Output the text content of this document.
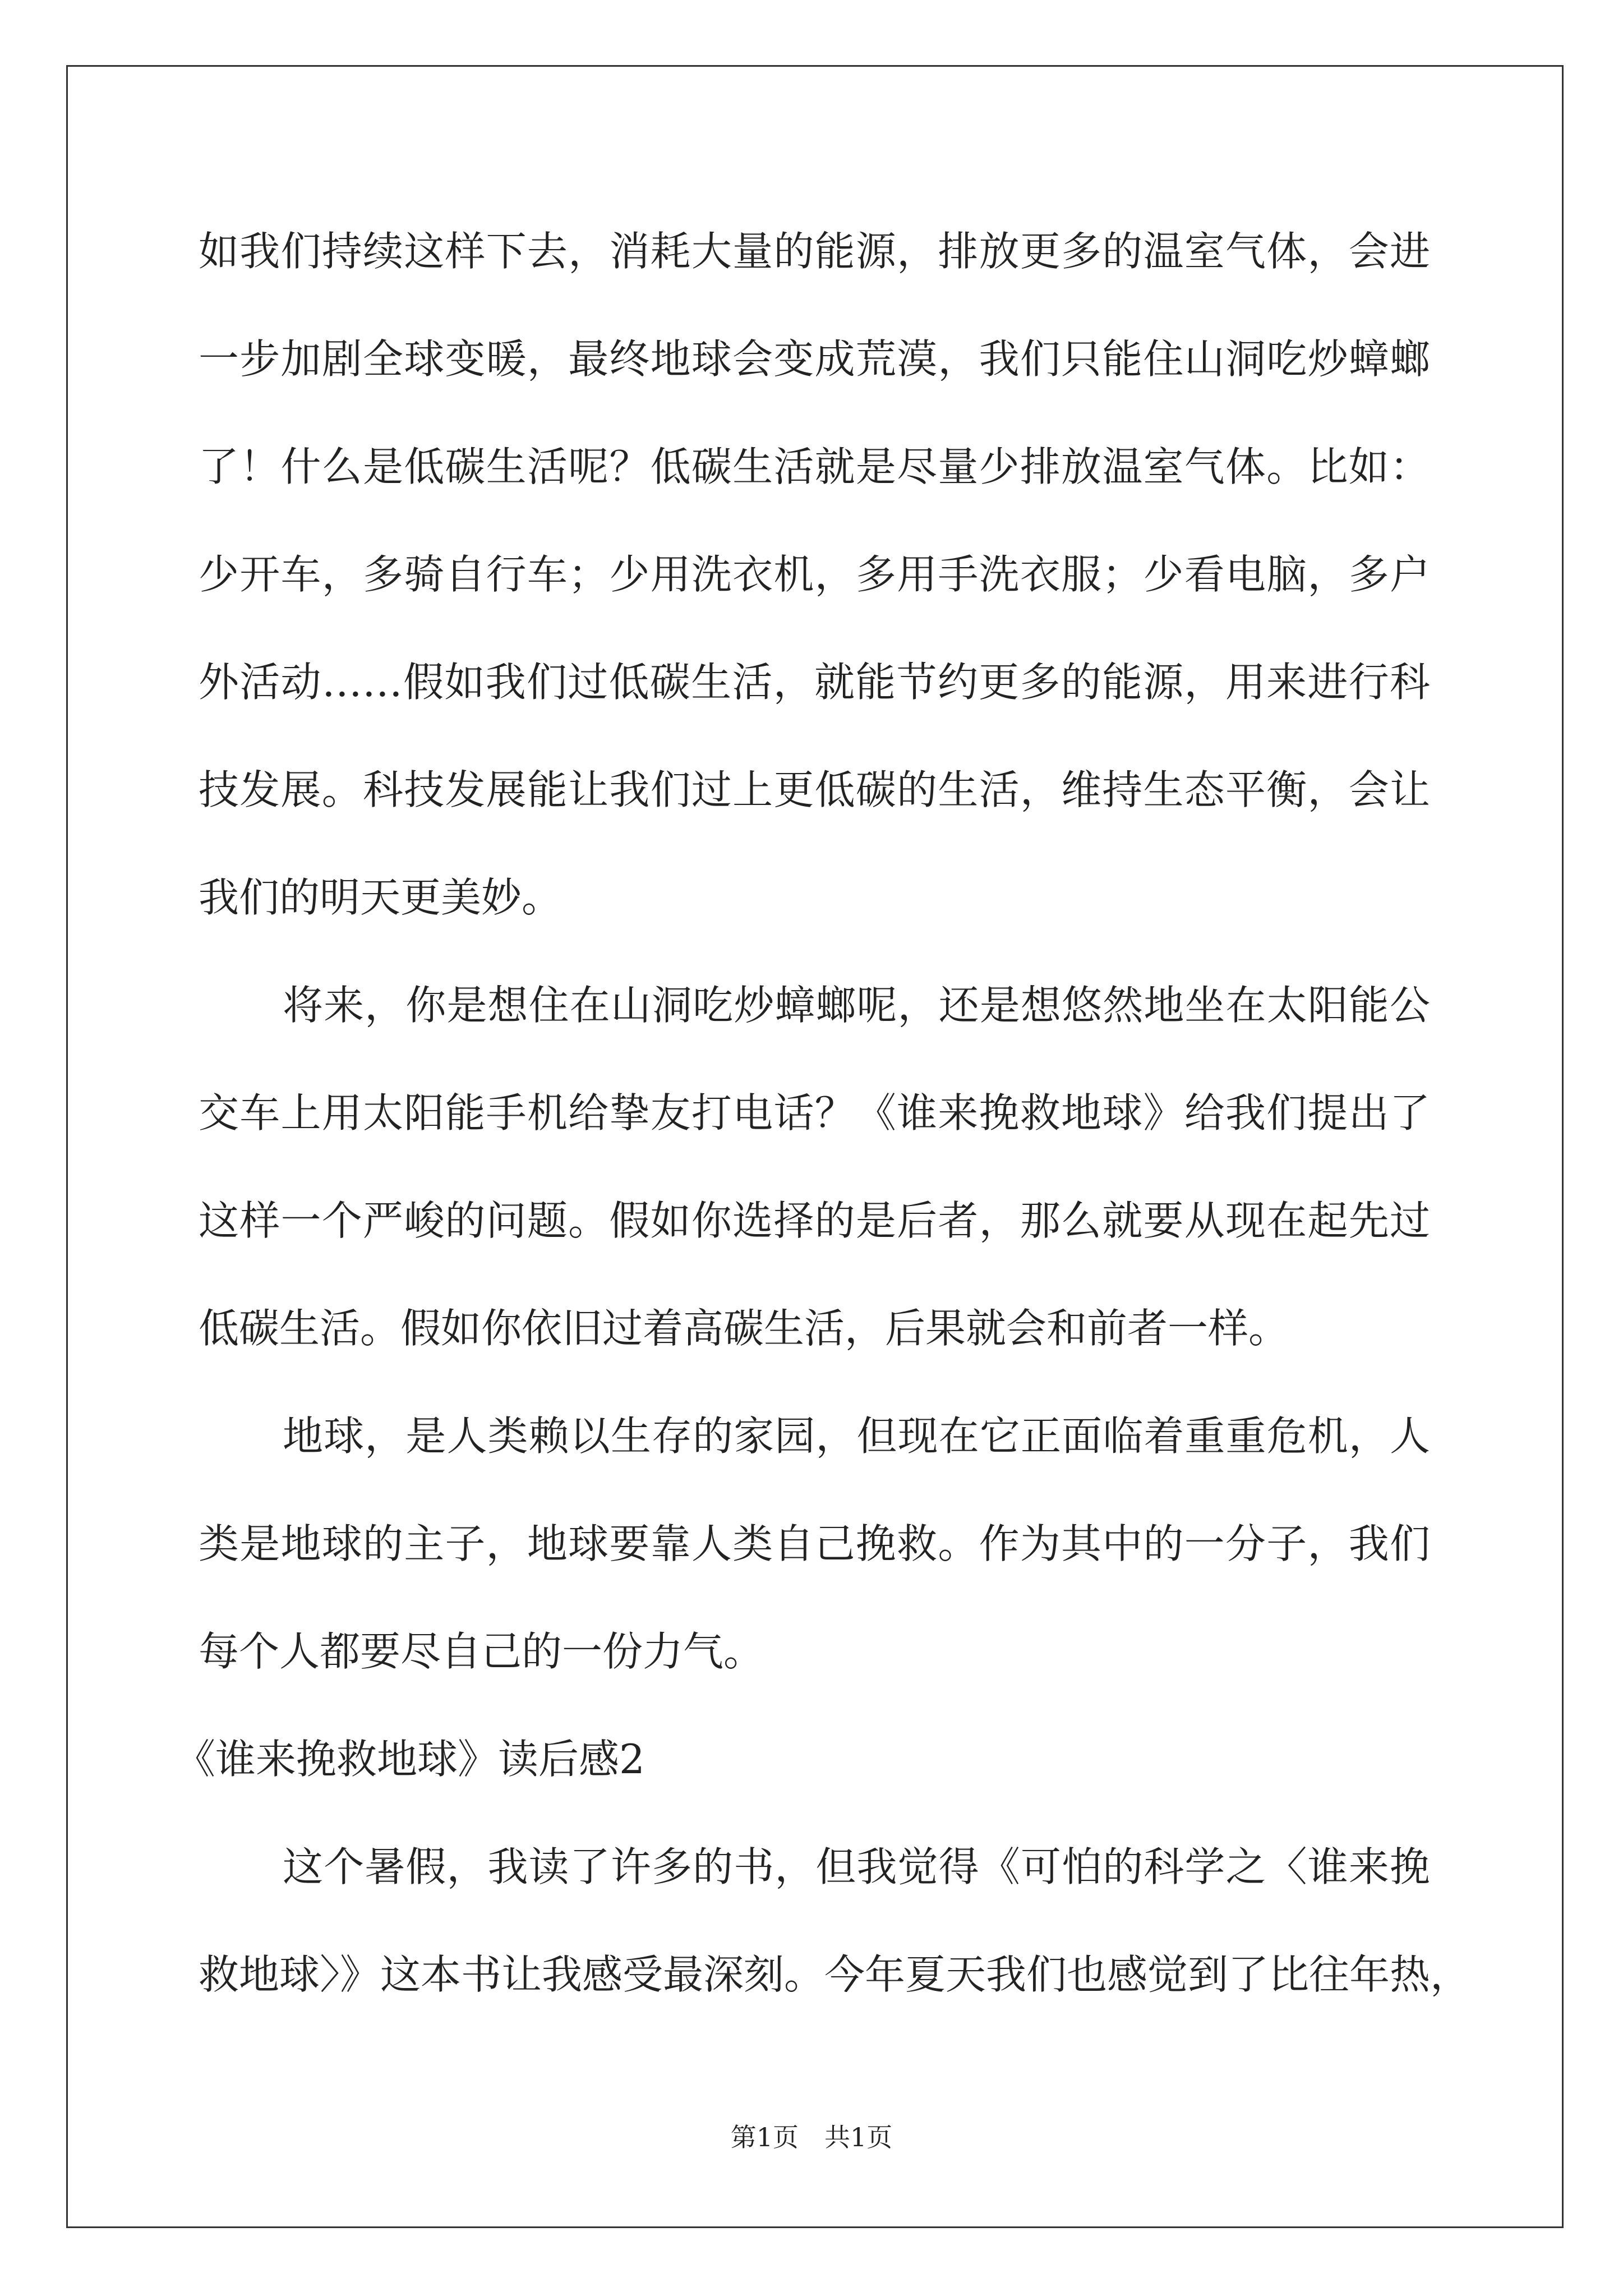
如我们持续这样下去，消耗大量的能源，排放更多的温室气体，会进
一步加剧全球变暖，最终地球会变成荒漠，我们只能住山洞吃炒蟑螂
了！什么是低碳生活呢？低碳生活就是尽量少排放温室气体。比如：
少开车，多骑自行车；少用洗衣机，多用手洗衣服；少看电脑，多户
外活动……假如我们过低碳生活，就能节约更多的能源，用来进行科
技发展。科技发展能让我们过上更低碳的生活，维持生态平衡，会让
我们的明天更美妙。
将来，你是想住在山洞吃炒蟑螂呢，还是想悠然地坐在太阳能公
交车上用太阳能手机给挚友打电话？《谁来挽救地球》给我们提出了
这样一个严峻的问题。假如你选择的是后者，那么就要从现在起先过
低碳生活。假如你依旧过着高碳生活，后果就会和前者一样。
地球，是人类赖以生存的家园，但现在它正面临着重重危机，人
类是地球的主子，地球要靠人类自己挽救。作为其中的一分子，我们
每个人都要尽自己的一份力气。
《谁来挽救地球》读后感2
这个暑假，我读了许多的书，但我觉得《可怕的科学之〈谁来挽
救地球〉》这本书让我感受最深刻。今年夏天我们也感觉到了比往年热，
第1页　共1页
